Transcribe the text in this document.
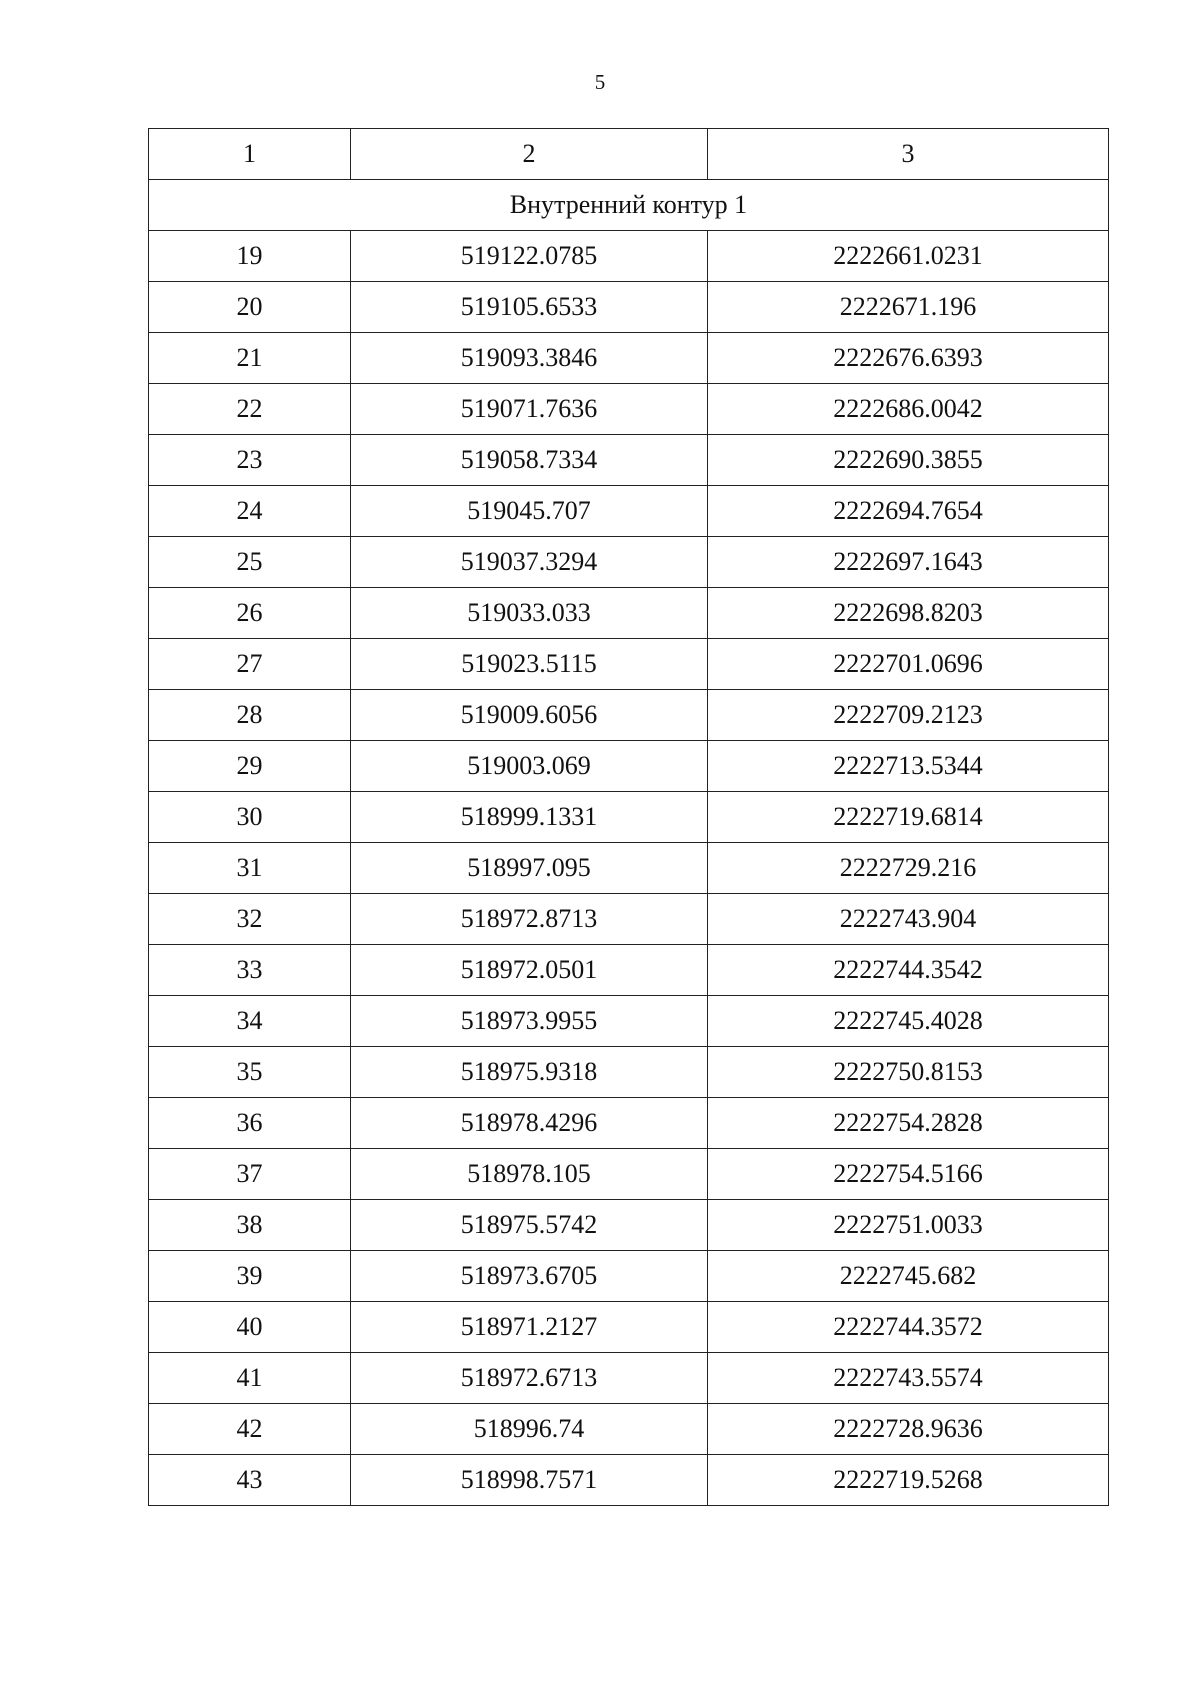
5
1	2	3
Внутренний контур 1		
19	519122.0785	2222661.0231
20	519105.6533	2222671.196
21	519093.3846	2222676.6393
22	519071.7636	2222686.0042
23	519058.7334	2222690.3855
24	519045.707	2222694.7654
25	519037.3294	2222697.1643
26	519033.033	2222698.8203
27	519023.5115	2222701.0696
28	519009.6056	2222709.2123
29	519003.069	2222713.5344
30	518999.1331	2222719.6814
31	518997.095	2222729.216
32	518972.8713	2222743.904
33	518972.0501	2222744.3542
34	518973.9955	2222745.4028
35	518975.9318	2222750.8153
36	518978.4296	2222754.2828
37	518978.105	2222754.5166
38	518975.5742	2222751.0033
39	518973.6705	2222745.682
40	518971.2127	2222744.3572
41	518972.6713	2222743.5574
42	518996.74	2222728.9636
43	518998.7571	2222719.5268
